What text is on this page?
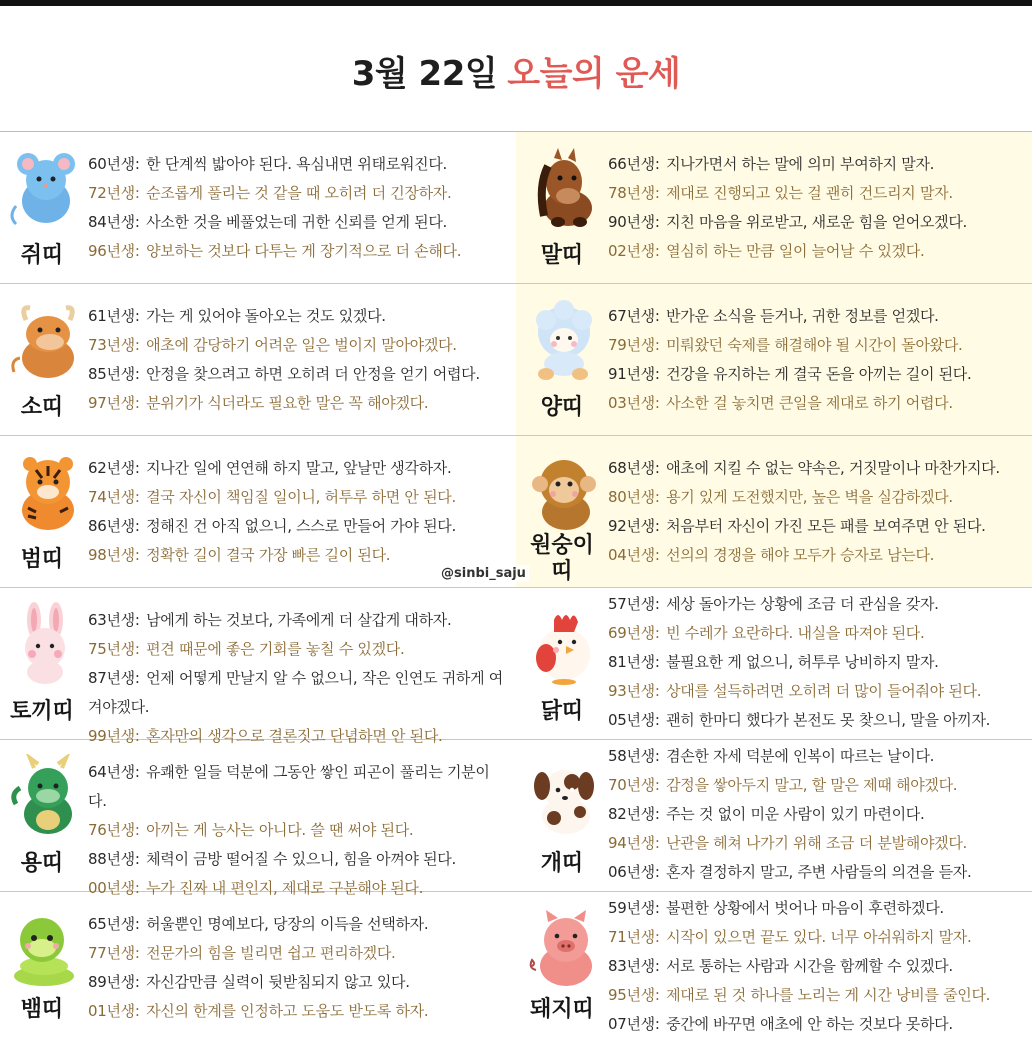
3월 22일 오늘의 운세
쥐띠
60년생: 한 단계씩 밟아야 된다. 욕심내면 위태로워진다.
72년생: 순조롭게 풀리는 것 같을 때 오히려 더 긴장하자.
84년생: 사소한 것을 베풀었는데 귀한 신뢰를 얻게 된다.
96년생: 양보하는 것보다 다투는 게 장기적으로 더 손해다.	말띠
66년생: 지나가면서 하는 말에 의미 부여하지 말자.
78년생: 제대로 진행되고 있는 걸 괜히 건드리지 말자.
90년생: 지친 마음을 위로받고, 새로운 힘을 얻어오겠다.
02년생: 열심히 하는 만큼 일이 늘어날 수 있겠다.
소띠
61년생: 가는 게 있어야 돌아오는 것도 있겠다.
73년생: 애초에 감당하기 어려운 일은 벌이지 말아야겠다.
85년생: 안정을 찾으려고 하면 오히려 더 안정을 얻기 어렵다.
97년생: 분위기가 식더라도 필요한 말은 꼭 해야겠다.	양띠
67년생: 반가운 소식을 듣거나, 귀한 정보를 얻겠다.
79년생: 미뤄왔던 숙제를 해결해야 될 시간이 돌아왔다.
91년생: 건강을 유지하는 게 결국 돈을 아끼는 길이 된다.
03년생: 사소한 걸 놓치면 큰일을 제대로 하기 어렵다.
범띠
62년생: 지나간 일에 연연해 하지 말고, 앞날만 생각하자.
74년생: 결국 자신이 책임질 일이니, 허투루 하면 안 된다.
86년생: 정해진 건 아직 없으니, 스스로 만들어 가야 된다.
98년생: 정확한 길이 결국 가장 빠른 길이 된다.	원숭이
띠
68년생: 애초에 지킬 수 없는 약속은, 거짓말이나 마찬가지다.
80년생: 용기 있게 도전했지만, 높은 벽을 실감하겠다.
92년생: 처음부터 자신이 가진 모든 패를 보여주면 안 된다.
04년생: 선의의 경쟁을 해야 모두가 승자로 남는다.
토끼띠
63년생: 남에게 하는 것보다, 가족에게 더 살갑게 대하자.
75년생: 편견 때문에 좋은 기회를 놓칠 수 있겠다.
87년생: 언제 어떻게 만날지 알 수 없으니, 작은 인연도 귀하게 여겨야겠다.
99년생: 혼자만의 생각으로 결론짓고 단념하면 안 된다.
닭띠
57년생: 세상 돌아가는 상황에 조금 더 관심을 갖자.
69년생: 빈 수레가 요란하다. 내실을 따져야 된다.
81년생: 불필요한 게 없으니, 허투루 낭비하지 말자.
93년생: 상대를 설득하려면 오히려 더 많이 들어줘야 된다.
05년생: 괜히 한마디 했다가 본전도 못 찾으니, 말을 아끼자.
용띠
64년생: 유쾌한 일들 덕분에 그동안 쌓인 피곤이 풀리는 기분이다.
76년생: 아끼는 게 능사는 아니다. 쓸 땐 써야 된다.
88년생: 체력이 금방 떨어질 수 있으니, 힘을 아껴야 된다.
00년생: 누가 진짜 내 편인지, 제대로 구분해야 된다.
개띠
58년생: 겸손한 자세 덕분에 인복이 따르는 날이다.
70년생: 감정을 쌓아두지 말고, 할 말은 제때 해야겠다.
82년생: 주는 것 없이 미운 사람이 있기 마련이다.
94년생: 난관을 헤쳐 나가기 위해 조금 더 분발해야겠다.
06년생: 혼자 결정하지 말고, 주변 사람들의 의견을 듣자.
뱀띠
65년생: 허울뿐인 명예보다, 당장의 이득을 선택하자.
77년생: 전문가의 힘을 빌리면 쉽고 편리하겠다.
89년생: 자신감만큼 실력이 뒷받침되지 않고 있다.
01년생: 자신의 한계를 인정하고 도움도 받도록 하자.	돼지띠
59년생: 불편한 상황에서 벗어나 마음이 후련하겠다.
71년생: 시작이 있으면 끝도 있다. 너무 아쉬워하지 말자.
83년생: 서로 통하는 사람과 시간을 함께할 수 있겠다.
95년생: 제대로 된 것 하나를 노리는 게 시간 낭비를 줄인다.
07년생: 중간에 바꾸면 애초에 안 하는 것보다 못하다.
@sinbi_saju
